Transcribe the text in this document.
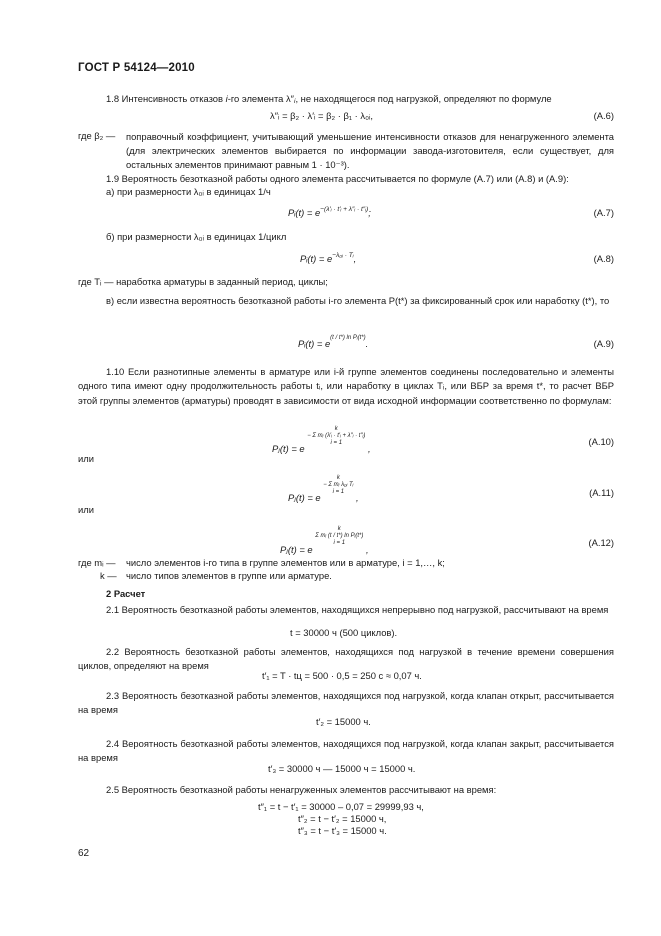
ГОСТ Р 54124—2010
1.8 Интенсивность отказов i-го элемента $\lambda''_i$, не находящегося под нагрузкой, определяют по формуле
λ″ᵢ = β₂ · λ′ᵢ = β₂ · β₁ · λ₀ᵢ,	(A.6)
где β₂ — поправочный коэффициент, учитывающий уменьшение интенсивности отказов для ненагруженного элемента (для электрических элементов выбирается по информации завода-изготовителя, если существует, для остальных элементов принимают равным 1 · 10⁻³).
1.9 Вероятность безотказной работы одного элемента рассчитывается по формуле (А.7) или (А.8) и (А.9):
а) при размерности λ₀ᵢ в единицах 1/ч
Pᵢ(t) = $e^{-(\lambda'ᵢ \cdot t'ᵢ + \lambda''ᵢ \cdot t''ᵢ)}$;	(A.7)
б) при размерности λ₀ᵢ в единицах 1/цикл
Pᵢ(t) = $e^{-\lambda_0ᵢ \cdot Tᵢ}$,	(A.8)
где Tᵢ — наработка арматуры в заданный период, циклы;
в) если известна вероятность безотказной работы i-го элемента P(t*) за фиксированный срок или наработку (t*), то
Pᵢ(t) = $e^{(t / t*) ln Pᵢ(t*)}$.	(A.9)
1.10 Если разнотипные элементы в арматуре или i-й группе элементов соединены последовательно и элементы одного типа имеют одну продолжительность работы tᵢ, или наработку в циклах Tᵢ, или ВБР за время t*, то расчет ВБР этой группы элементов (арматуры) проводят в зависимости от вида исходной информации соответственно по формулам:
Pⱼ(t) = e
k
− Σ mᵢ (λ′ᵢ · t′ᵢ + λ″ᵢ · t″ᵢ)
i = 1	,
(A.10)
или
Pⱼ(t) = e
k
− Σ mᵢ λ₀ᵢ Tᵢ
i = 1	,	(A.11)
или
Pⱼ(t) = e
k
Σ mᵢ (t / t*) ln Pᵢ(t*)
i = 1
,
(A.12)
где mᵢ — число элементов i-го типа в группе элементов или в арматуре, i = 1,…, k;
k — число типов элементов в группе или арматуре.
2 Расчет
2.1 Вероятность безотказной работы элементов, находящихся непрерывно под нагрузкой, рассчитывают на время
t = 30000 ч (500 циклов).
2.2 Вероятность безотказной работы элементов, находящихся под нагрузкой в течение времени совершения циклов, определяют на время
t′₁ = T · tц = 500 · 0,5 = 250 с ≈ 0,07 ч.
2.3 Вероятность безотказной работы элементов, находящихся под нагрузкой, когда клапан открыт, рассчитывается на время
t′₂ = 15000 ч.
2.4 Вероятность безотказной работы элементов, находящихся под нагрузкой, когда клапан закрыт, рассчитывается на время
t′₃ = 30000 ч — 15000 ч = 15000 ч.
2.5 Вероятность безотказной работы ненагруженных элементов рассчитывают на время:
t″₁ = t − t′₁ = 30000 – 0,07 = 29999,93 ч,
t″₂ = t − t′₂ = 15000 ч,
t″₃ = t − t′₃ = 15000 ч.
62
